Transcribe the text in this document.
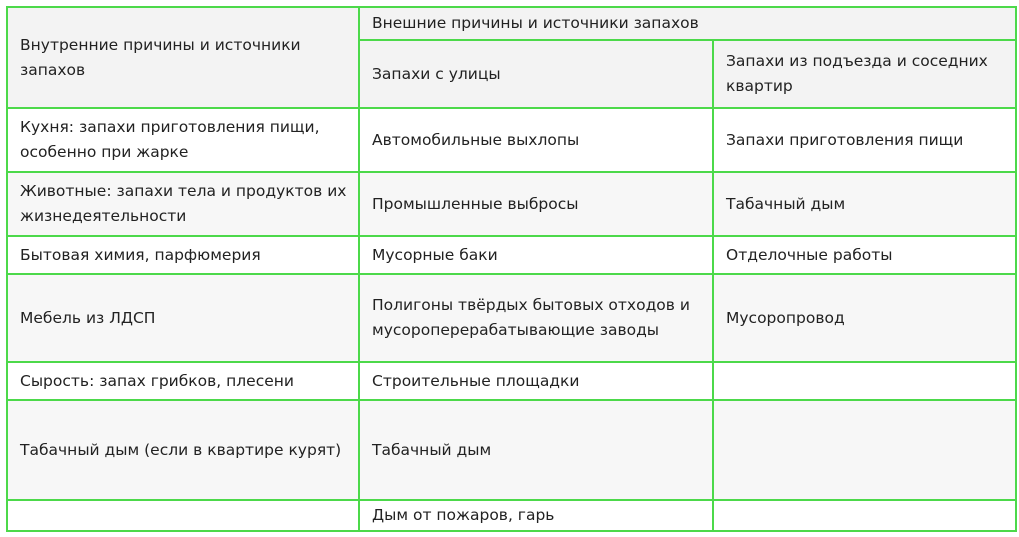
Внутренние причины и источники запахов	Внешние причины и источники запахов	
	Запахи с улицы	Запахи из подъезда и соседних квартир
Кухня: запахи приготовления пищи, особенно при жарке	Автомобильные выхлопы	Запахи приготовления пищи
Животные: запахи тела и продуктов их жизнедеятельности	Промышленные выбросы	Табачный дым
Бытовая химия, парфюмерия	Мусорные баки	Отделочные работы
Мебель из ЛДСП	Полигоны твёрдых бытовых отходов и мусороперерабатывающие заводы	Мусоропровод
Сырость: запах грибков, плесени	Строительные площадки	
Табачный дым (если в квартире курят)	Табачный дым	
	Дым от пожаров, гарь	
